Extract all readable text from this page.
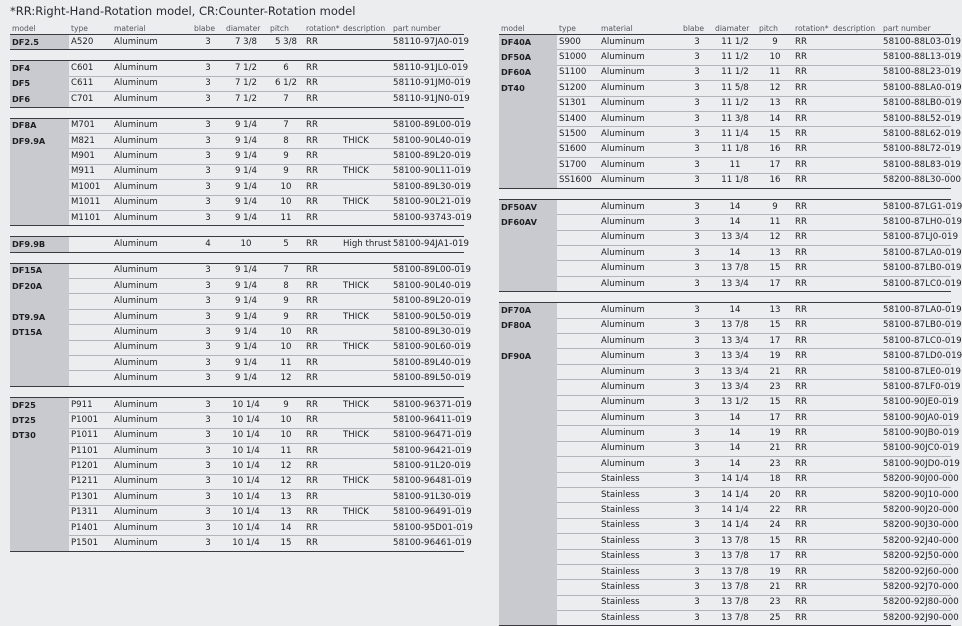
*RR:Right-Hand-Rotation model, CR:Counter-Rotation model
model	type	material	blabe	diamater	pitch	rotation*	description	part number
DF2.5	A520	Aluminum	3	7 3/8	5 3/8	RR		58110-97JA0-019

DF4	C601	Aluminum	3	7 1/2	6	RR		58110-91JL0-019
DF5	C611	Aluminum	3	7 1/2	6 1/2	RR		58110-91JM0-019
DF6	C701	Aluminum	3	7 1/2	7	RR		58110-91JN0-019

DF8A	M701	Aluminum	3	9 1/4	7	RR		58100-89L00-019
DF9.9A	M821	Aluminum	3	9 1/4	8	RR	THICK	58100-90L40-019
	M901	Aluminum	3	9 1/4	9	RR		58100-89L20-019
	M911	Aluminum	3	9 1/4	9	RR	THICK	58100-90L11-019
	M1001	Aluminum	3	9 1/4	10	RR		58100-89L30-019
	M1011	Aluminum	3	9 1/4	10	RR	THICK	58100-90L21-019
	M1101	Aluminum	3	9 1/4	11	RR		58100-93743-019

DF9.9B		Aluminum	4	10	5	RR	High thrust	58100-94JA1-019

DF15A		Aluminum	3	9 1/4	7	RR		58100-89L00-019
DF20A		Aluminum	3	9 1/4	8	RR	THICK	58100-90L40-019
		Aluminum	3	9 1/4	9	RR		58100-89L20-019
DT9.9A		Aluminum	3	9 1/4	9	RR	THICK	58100-90L50-019
DT15A		Aluminum	3	9 1/4	10	RR		58100-89L30-019
		Aluminum	3	9 1/4	10	RR	THICK	58100-90L60-019
		Aluminum	3	9 1/4	11	RR		58100-89L40-019
		Aluminum	3	9 1/4	12	RR		58100-89L50-019

DF25	P911	Aluminum	3	10 1/4	9	RR	THICK	58100-96371-019
DT25	P1001	Aluminum	3	10 1/4	10	RR		58100-96411-019
DT30	P1011	Aluminum	3	10 1/4	10	RR	THICK	58100-96471-019
	P1101	Aluminum	3	10 1/4	11	RR		58100-96421-019
	P1201	Aluminum	3	10 1/4	12	RR		58100-91L20-019
	P1211	Aluminum	3	10 1/4	12	RR	THICK	58100-96481-019
	P1301	Aluminum	3	10 1/4	13	RR		58100-91L30-019
	P1311	Aluminum	3	10 1/4	13	RR	THICK	58100-96491-019
	P1401	Aluminum	3	10 1/4	14	RR		58100-95D01-019
	P1501	Aluminum	3	10 1/4	15	RR		58100-96461-019
model	type	material	blabe	diamater	pitch	rotation*	description	part number
DF40A	S900	Aluminum	3	11 1/2	9	RR		58100-88L03-019
DF50A	S1000	Aluminum	3	11 1/2	10	RR		58100-88L13-019
DF60A	S1100	Aluminum	3	11 1/2	11	RR		58100-88L23-019
DT40	S1200	Aluminum	3	11 5/8	12	RR		58100-88LA0-019
	S1301	Aluminum	3	11 1/2	13	RR		58100-88LB0-019
	S1400	Aluminum	3	11 3/8	14	RR		58100-88L52-019
	S1500	Aluminum	3	11 1/4	15	RR		58100-88L62-019
	S1600	Aluminum	3	11 1/8	16	RR		58100-88L72-019
	S1700	Aluminum	3	11	17	RR		58100-88L83-019
	SS1600	Aluminum	3	11 1/8	16	RR		58200-88L30-000

DF50AV		Aluminum	3	14	9	RR		58100-87LG1-019
DF60AV		Aluminum	3	14	11	RR		58100-87LH0-019
		Aluminum	3	13 3/4	12	RR		58100-87LJ0-019
		Aluminum	3	14	13	RR		58100-87LA0-019
		Aluminum	3	13 7/8	15	RR		58100-87LB0-019
		Aluminum	3	13 3/4	17	RR		58100-87LC0-019

DF70A		Aluminum	3	14	13	RR		58100-87LA0-019
DF80A		Aluminum	3	13 7/8	15	RR		58100-87LB0-019
		Aluminum	3	13 3/4	17	RR		58100-87LC0-019
DF90A		Aluminum	3	13 3/4	19	RR		58100-87LD0-019
		Aluminum	3	13 3/4	21	RR		58100-87LE0-019
		Aluminum	3	13 3/4	23	RR		58100-87LF0-019
		Aluminum	3	13 1/2	15	RR		58100-90JE0-019
		Aluminum	3	14	17	RR		58100-90JA0-019
		Aluminum	3	14	19	RR		58100-90JB0-019
		Aluminum	3	14	21	RR		58100-90JC0-019
		Aluminum	3	14	23	RR		58100-90JD0-019
		Stainless	3	14 1/4	18	RR		58200-90J00-000
		Stainless	3	14 1/4	20	RR		58200-90J10-000
		Stainless	3	14 1/4	22	RR		58200-90J20-000
		Stainless	3	14 1/4	24	RR		58200-90J30-000
		Stainless	3	13 7/8	15	RR		58200-92J40-000
		Stainless	3	13 7/8	17	RR		58200-92J50-000
		Stainless	3	13 7/8	19	RR		58200-92J60-000
		Stainless	3	13 7/8	21	RR		58200-92J70-000
		Stainless	3	13 7/8	23	RR		58200-92J80-000
		Stainless	3	13 7/8	25	RR		58200-92J90-000
